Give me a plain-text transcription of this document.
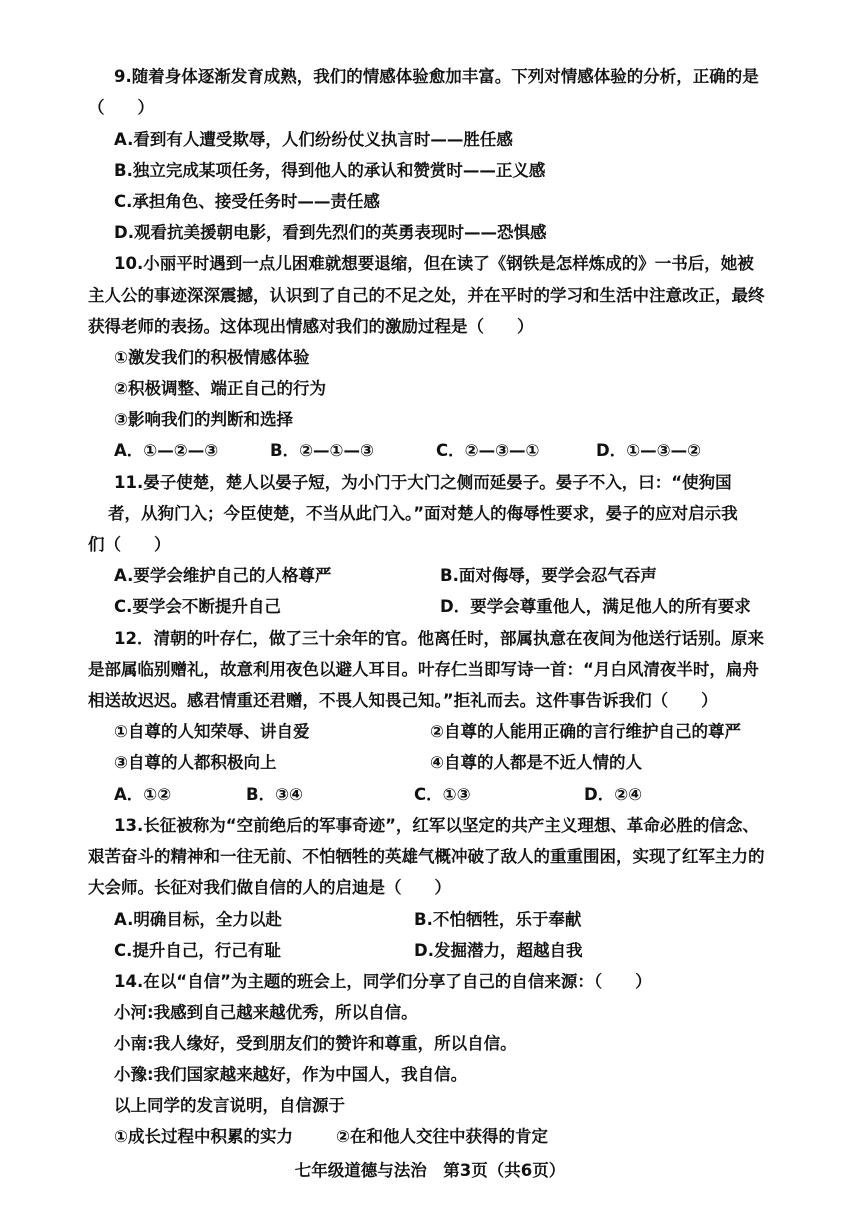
9.随着身体逐渐发育成熟，我们的情感体验愈加丰富。下列对情感体验的分析，正确的是
（　　）
A.看到有人遭受欺辱，人们纷纷仗义执言时——胜任感
B.独立完成某项任务，得到他人的承认和赞赏时——正义感
C.承担角色、接受任务时——责任感
D.观看抗美援朝电影，看到先烈们的英勇表现时——恐惧感
10.小丽平时遇到一点儿困难就想要退缩，但在读了《钢铁是怎样炼成的》一书后，她被
主人公的事迹深深震撼，认识到了自己的不足之处，并在平时的学习和生活中注意改正，最终
获得老师的表扬。这体现出情感对我们的激励过程是（　　）
①激发我们的积极情感体验
②积极调整、端正自己的行为
③影响我们的判断和选择
A．①—②—③	B．②—①—③	C．②—③—①	D．①—③—②
11.晏子使楚，楚人以晏子短，为小门于大门之侧而延晏子。晏子不入，曰：“使狗国
者，从狗门入；今臣使楚，不当从此门入。”面对楚人的侮辱性要求，晏子的应对启示我
们（　　）
A.要学会维护自己的人格尊严	B.面对侮辱，要学会忍气吞声
C.要学会不断提升自己	D．要学会尊重他人，满足他人的所有要求
12．清朝的叶存仁，做了三十余年的官。他离任时，部属执意在夜间为他送行话别。原来
是部属临别赠礼，故意利用夜色以避人耳目。叶存仁当即写诗一首：“月白风清夜半时，扁舟
相送故迟迟。感君情重还君赠，不畏人知畏己知。”拒礼而去。这件事告诉我们（　　）
①自尊的人知荣辱、讲自爱	②自尊的人能用正确的言行维护自己的尊严
③自尊的人都积极向上	④自尊的人都是不近人情的人
A．①②	B．③④	C．①③	D．②④
13.长征被称为“空前绝后的军事奇迹”，红军以坚定的共产主义理想、革命必胜的信念、
艰苦奋斗的精神和一往无前、不怕牺牲的英雄气概冲破了敌人的重重围困，实现了红军主力的
大会师。长征对我们做自信的人的启迪是（　　）
A.明确目标，全力以赴	B.不怕牺牲，乐于奉献
C.提升自己，行己有耻	D.发掘潜力，超越自我
14.在以“自信”为主题的班会上，同学们分享了自己的自信来源：（　　）
小河:我感到自己越来越优秀，所以自信。
小南:我人缘好，受到朋友们的赞许和尊重，所以自信。
小豫:我们国家越来越好，作为中国人，我自信。
以上同学的发言说明，自信源于
①成长过程中积累的实力	②在和他人交往中获得的肯定
七年级道德与法治　第3页（共6页）
